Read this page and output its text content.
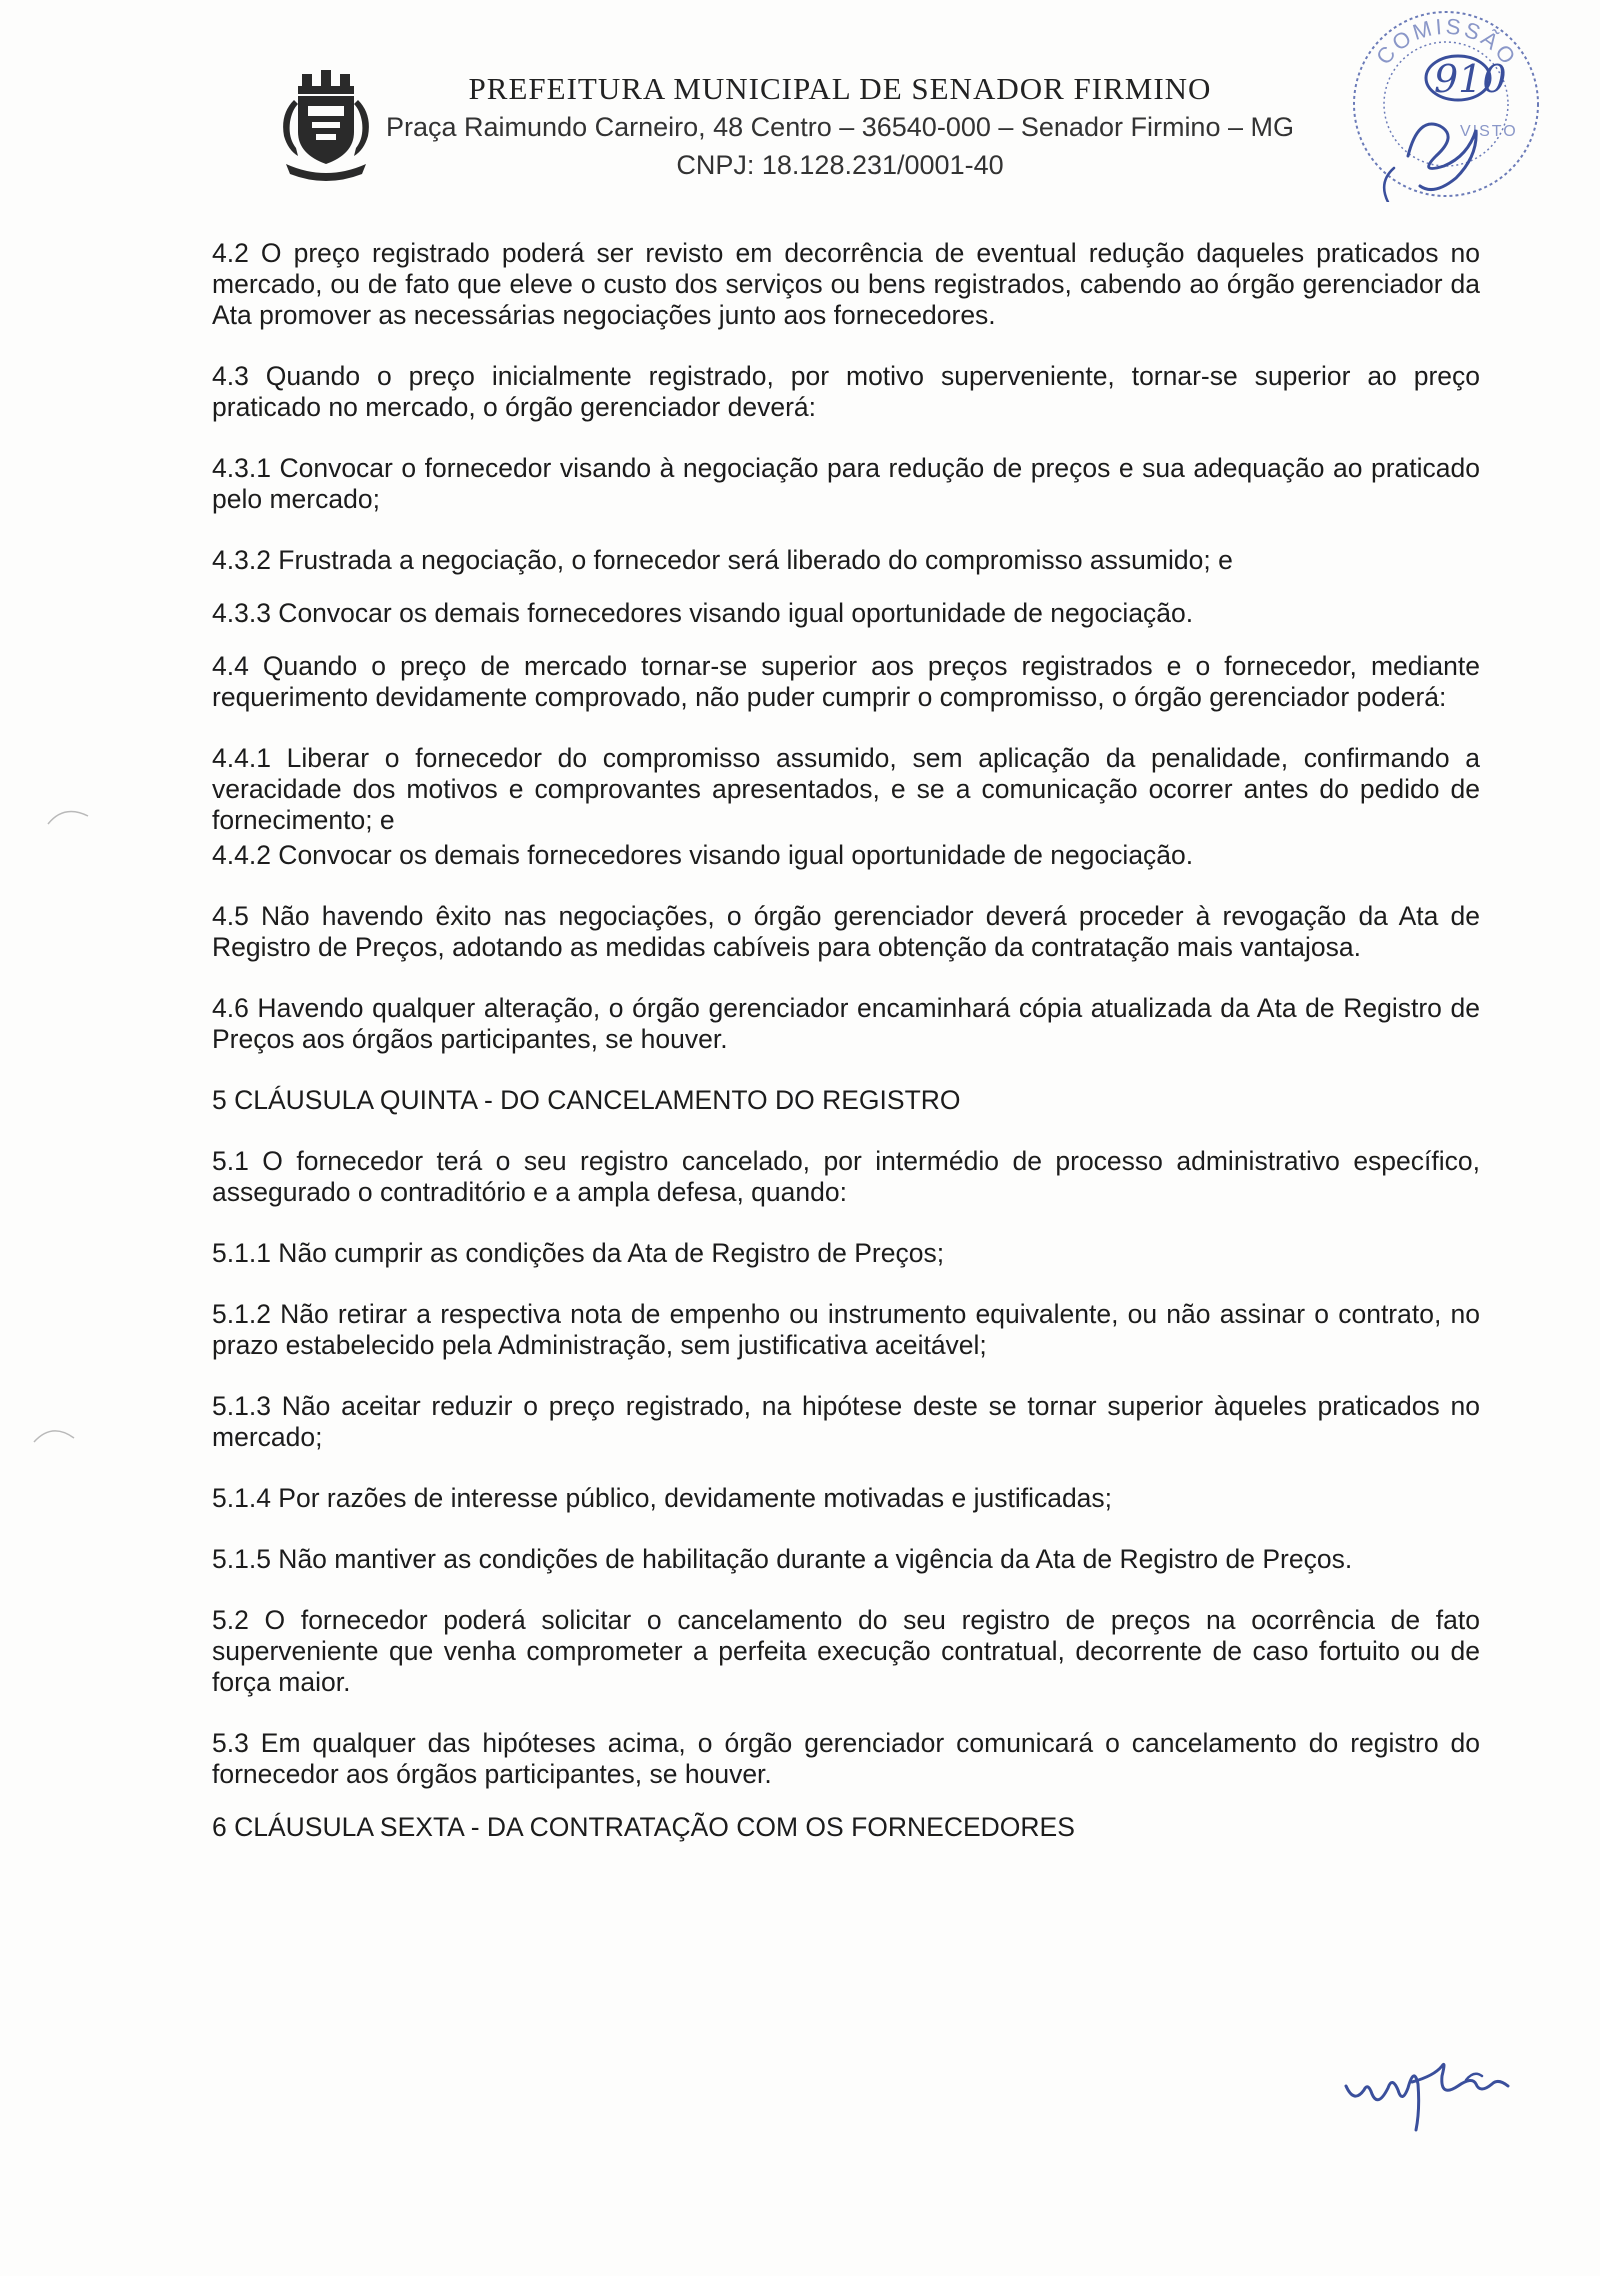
PREFEITURA MUNICIPAL DE SENADOR FIRMINO
Praça Raimundo Carneiro, 48 Centro – 36540-000 – Senador Firmino – MG
CNPJ: 18.128.231/0001-40
COMISSÃO
VISTO
910

4.2 O preço registrado poderá ser revisto em decorrência de eventual redução daqueles praticados no mercado, ou de fato que eleve o custo dos serviços ou bens registrados, cabendo ao órgão gerenciador da Ata promover as necessárias negociações junto aos fornecedores.

4.3 Quando o preço inicialmente registrado, por motivo superveniente, tornar-se superior ao preço praticado no mercado, o órgão gerenciador deverá:

4.3.1 Convocar o fornecedor visando à negociação para redução de preços e sua adequação ao praticado pelo mercado;

4.3.2 Frustrada a negociação, o fornecedor será liberado do compromisso assumido; e

4.3.3 Convocar os demais fornecedores visando igual oportunidade de negociação.

4.4 Quando o preço de mercado tornar-se superior aos preços registrados e o fornecedor, mediante requerimento devidamente comprovado, não puder cumprir o compromisso, o órgão gerenciador poderá:

4.4.1 Liberar o fornecedor do compromisso assumido, sem aplicação da penalidade, confirmando a veracidade dos motivos e comprovantes apresentados, e se a comunicação ocorrer antes do pedido de fornecimento; e

4.4.2 Convocar os demais fornecedores visando igual oportunidade de negociação.

4.5 Não havendo êxito nas negociações, o órgão gerenciador deverá proceder à revogação da Ata de Registro de Preços, adotando as medidas cabíveis para obtenção da contratação mais vantajosa.

4.6 Havendo qualquer alteração, o órgão gerenciador encaminhará cópia atualizada da Ata de Registro de Preços aos órgãos participantes, se houver.

5 CLÁUSULA QUINTA - DO CANCELAMENTO DO REGISTRO

5.1 O fornecedor terá o seu registro cancelado, por intermédio de processo administrativo específico, assegurado o contraditório e a ampla defesa, quando:

5.1.1 Não cumprir as condições da Ata de Registro de Preços;

5.1.2 Não retirar a respectiva nota de empenho ou instrumento equivalente, ou não assinar o contrato, no prazo estabelecido pela Administração, sem justificativa aceitável;

5.1.3 Não aceitar reduzir o preço registrado, na hipótese deste se tornar superior àqueles praticados no mercado;

5.1.4 Por razões de interesse público, devidamente motivadas e justificadas;

5.1.5 Não mantiver as condições de habilitação durante a vigência da Ata de Registro de Preços.

5.2 O fornecedor poderá solicitar o cancelamento do seu registro de preços na ocorrência de fato superveniente que venha comprometer a perfeita execução contratual, decorrente de caso fortuito ou de força maior.

5.3 Em qualquer das hipóteses acima, o órgão gerenciador comunicará o cancelamento do registro do fornecedor aos órgãos participantes, se houver.

6 CLÁUSULA SEXTA - DA CONTRATAÇÃO COM OS FORNECEDORES
